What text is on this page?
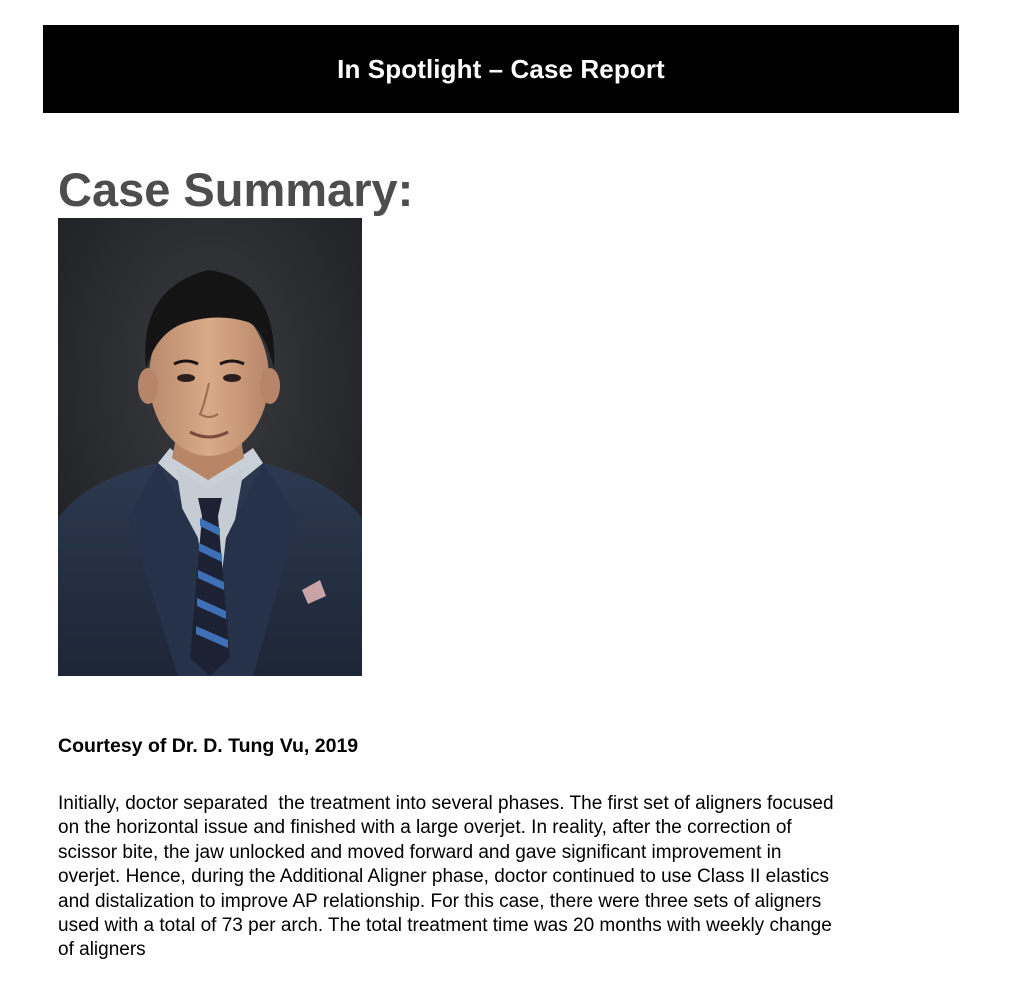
In Spotlight – Case Report
Case Summary:

Courtesy of Dr. D. Tung Vu, 2019

Initially, doctor separated  the treatment into several phases. The first set of aligners focused
on the horizontal issue and finished with a large overjet. In reality, after the correction of
scissor bite, the jaw unlocked and moved forward and gave significant improvement in
overjet. Hence, during the Additional Aligner phase, doctor continued to use Class II elastics
and distalization to improve AP relationship. For this case, there were three sets of aligners
used with a total of 73 per arch. The total treatment time was 20 months with weekly change
of aligners
